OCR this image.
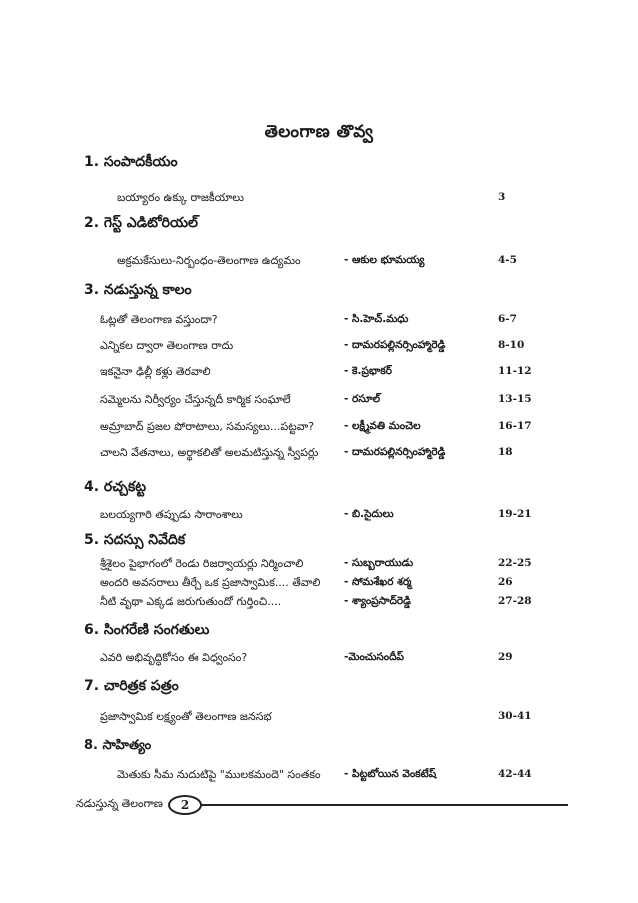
తెలంగాణ తొవ్వ
1. సంపాదకీయం
బయ్యారం ఉక్కు రాజకీయాలు	3
2. గెస్ట్ ఎడిటోరియల్
అక్రమకేసులు-నిర్బంధం-తెలంగాణ ఉద్యమం	- ఆకుల భూమయ్య	4-5
3. నడుస్తున్న కాలం
ఓట్లతో తెలంగాణ వస్తుందా?	- సి.హెచ్.మధు	6-7
ఎన్నికల ద్వారా తెలంగాణ రాదు	- దామరపల్లినర్సింహ్మారెడ్డి	8-10
ఇకనైనా ఢిల్లీ కళ్లు తెరవాలి	- కె.ప్రభాకర్	11-12
సమ్మెలను నిర్వీర్యం చేస్తున్నదీ కార్మిక సంఘాలే	- రసూల్	13-15
అమ్రాబాద్ ప్రజల పోరాటాలు, సమస్యలు...పట్టవా?	- లక్ష్మీవతి మంచెల	16-17
చాలని వేతనాలు, అర్థాకలితో అలమటిస్తున్న స్వీపర్లు - దామరపల్లినర్సింహ్మారెడ్డి	18
4. రచ్చకట్ట
బలయ్యగారి తప్పుడు సారాంశాలు	- బి.సైదులు	19-21
5. సదస్సు నివేదిక
శ్రీశైలం పైభాగంలో రెండు రిజర్వాయర్లు నిర్మించాలి	- సుబ్బరాయుడు	22-25
అందరి అవసరాలు తీర్చే ఒక ప్రజాస్వామిక.... తేవాలి - సోమశేఖర శర్మ	26
నీటి వృథా ఎక్కడ జరుగుతుందో గుర్తించి....	- శ్యాంప్రసాద్‌రెడ్డి	27-28
6. సింగరేణి సంగతులు
ఎవరి అభివృద్ధికోసం ఈ విధ్వంసం?	-మెంచుసందీప్	29
7. చారిత్రక పత్రం
ప్రజాస్వామిక లక్ష్యంతో తెలంగాణ జనసభ	30-41
8. సాహిత్యం
మెతుకు సీమ నుదుటిపై "ములకమందె" సంతకం - పిట్టబోయిన వెంకటేష్	42-44
నడుస్తున్న తెలంగాణ	2
